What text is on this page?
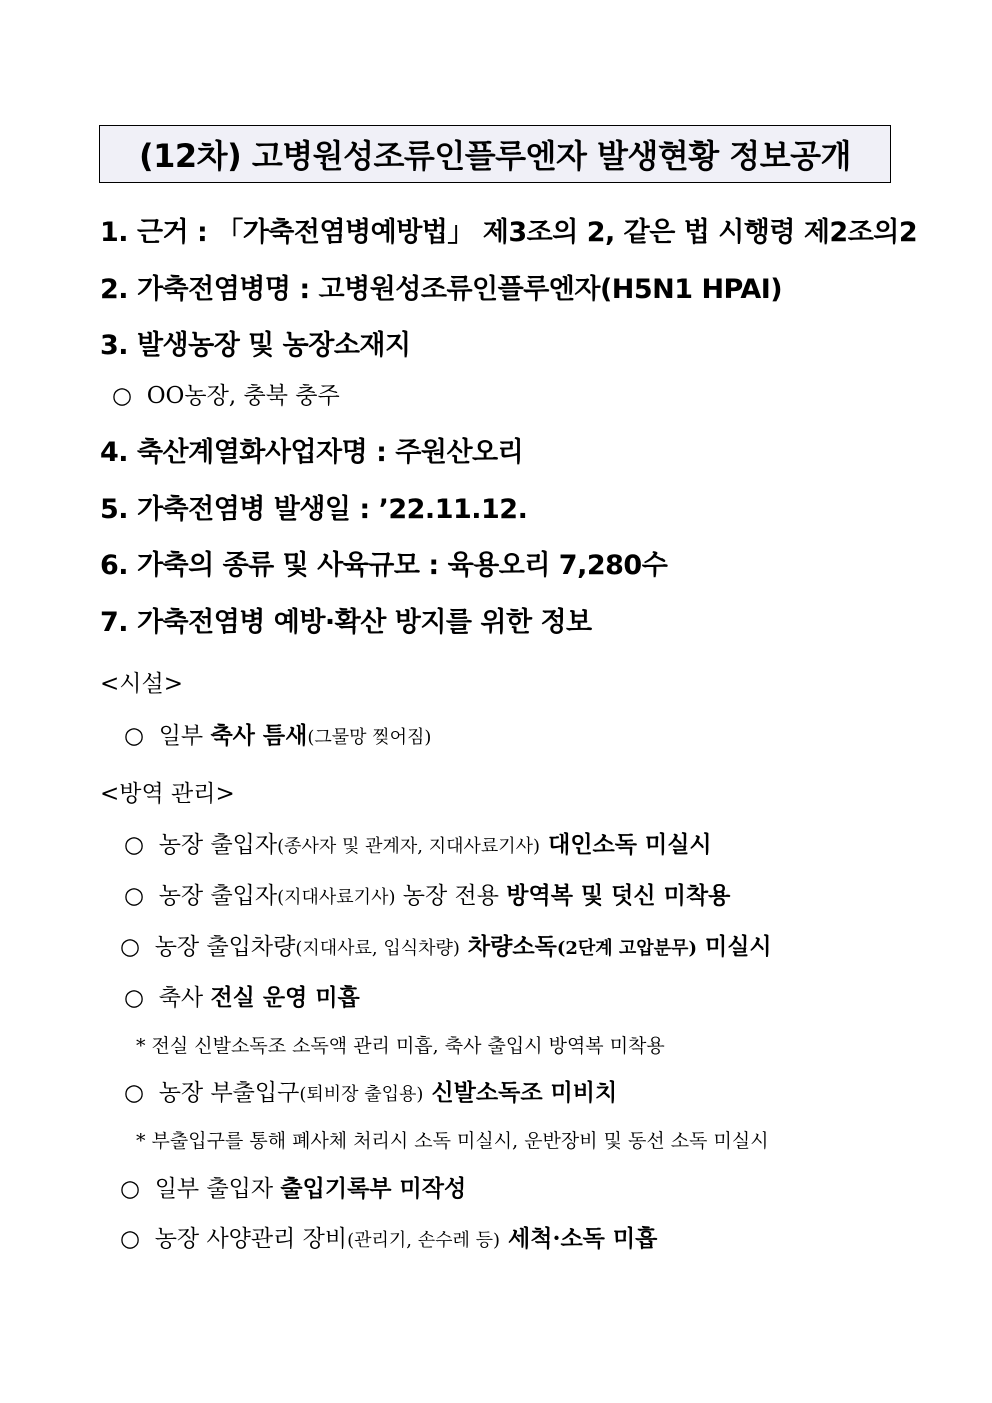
(12차) 고병원성조류인플루엔자 발생현황 정보공개
1. 근거 : 「가축전염병예방법」 제3조의 2, 같은 법 시행령 제2조의2
2. 가축전염병명 : 고병원성조류인플루엔자(H5N1 HPAI)
3. 발생농장 및 농장소재지
○ OO농장, 충북 충주
4. 축산계열화사업자명 : 주원산오리
5. 가축전염병 발생일 : ’22.11.12.
6. 가축의 종류 및 사육규모 : 육용오리 7,280수
7. 가축전염병 예방·확산 방지를 위한 정보
<시설>
○ 일부 축사 틈새(그물망 찢어짐)
<방역 관리>
○ 농장 출입자(종사자 및 관계자, 지대사료기사) 대인소독 미실시
○ 농장 출입자(지대사료기사) 농장 전용 방역복 및 덧신 미착용
○ 농장 출입차량(지대사료, 입식차량) 차량소독(2단계 고압분무) 미실시
○ 축사 전실 운영 미흡
* 전실 신발소독조 소독액 관리 미흡, 축사 출입시 방역복 미착용
○ 농장 부출입구(퇴비장 출입용) 신발소독조 미비치
* 부출입구를 통해 폐사체 처리시 소독 미실시, 운반장비 및 동선 소독 미실시
○ 일부 출입자 출입기록부 미작성
○ 농장 사양관리 장비(관리기, 손수레 등) 세척·소독 미흡
